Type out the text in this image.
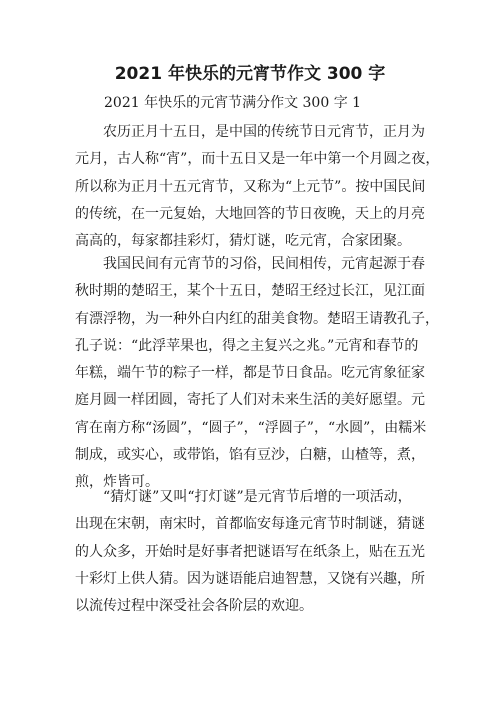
2021 年快乐的元宵节作文 300 字

2021 年快乐的元宵节满分作文 300 字 1

农历正月十五日，是中国的传统节日元宵节，正月为
元月，古人称“宵”，而十五日又是一年中第一个月圆之夜，
所以称为正月十五元宵节，又称为“上元节”。按中国民间
的传统，在一元复始，大地回答的节日夜晚，天上的月亮
高高的，每家都挂彩灯，猜灯谜，吃元宵，合家团聚。
我国民间有元宵节的习俗，民间相传，元宵起源于春
秋时期的楚昭王，某个十五日，楚昭王经过长江，见江面
有漂浮物，为一种外白内红的甜美食物。楚昭王请教孔子，
孔子说：“此浮苹果也，得之主复兴之兆。”元宵和春节的
年糕，端午节的粽子一样，都是节日食品。吃元宵象征家
庭月圆一样团圆，寄托了人们对未来生活的美好愿望。元
宵在南方称“汤圆”，“圆子”，“浮圆子”，“水圆”，由糯米
制成，或实心，或带馅，馅有豆沙，白糖，山楂等，煮，
煎，炸皆可。
“猜灯谜”又叫“打灯谜”是元宵节后增的一项活动，
出现在宋朝，南宋时，首都临安每逢元宵节时制谜，猜谜
的人众多，开始时是好事者把谜语写在纸条上，贴在五光
十彩灯上供人猜。因为谜语能启迪智慧，又饶有兴趣，所
以流传过程中深受社会各阶层的欢迎。
